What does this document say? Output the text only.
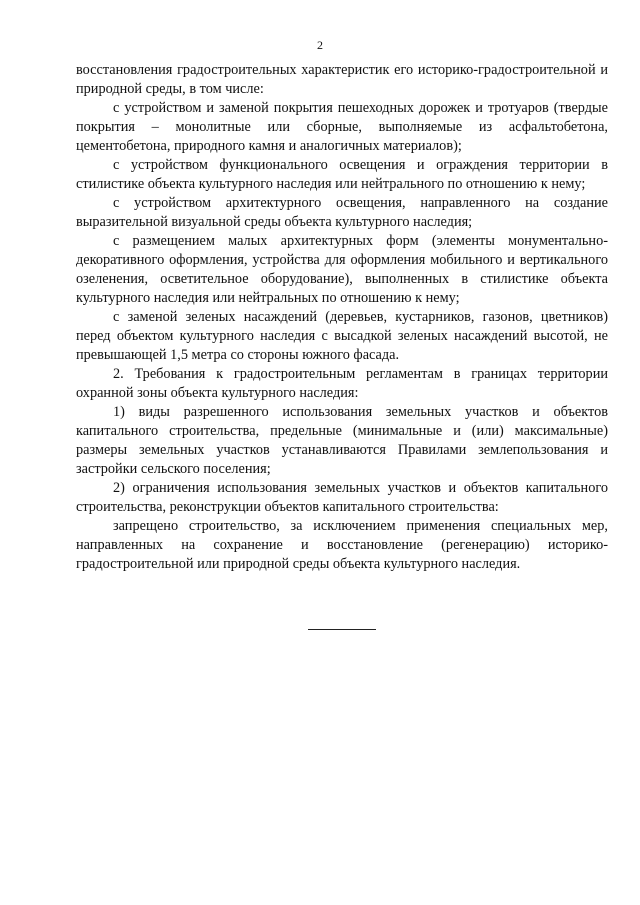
2

восстановления градостроительных характеристик его историко-градостроительной и природной среды, в том числе:

с устройством и заменой покрытия пешеходных дорожек и тротуаров (твердые покрытия – монолитные или сборные, выполняемые из асфальтобетона, цементобетона, природного камня и аналогичных материалов);

с устройством функционального освещения и ограждения территории в стилистике объекта культурного наследия или нейтрального по отношению к нему;

с устройством архитектурного освещения, направленного на создание выразительной визуальной среды объекта культурного наследия;

с размещением малых архитектурных форм (элементы монументально-декоративного оформления, устройства для оформления мобильного и вертикального озеленения, осветительное оборудование), выполненных в стилистике объекта культурного наследия или нейтральных по отношению к нему;

с заменой зеленых насаждений (деревьев, кустарников, газонов, цветников) перед объектом культурного наследия с высадкой зеленых насаждений высотой, не превышающей 1,5 метра со стороны южного фасада.

2. Требования к градостроительным регламентам в границах территории охранной зоны объекта культурного наследия:

1) виды разрешенного использования земельных участков и объектов капитального строительства, предельные (минимальные и (или) максимальные) размеры земельных участков устанавливаются Правилами землепользования и застройки сельского поселения;

2) ограничения использования земельных участков и объектов капитального строительства, реконструкции объектов капитального строительства:

запрещено строительство, за исключением применения специальных мер, направленных на сохранение и восстановление (регенерацию) историко-градостроительной или природной среды объекта культурного наследия.
